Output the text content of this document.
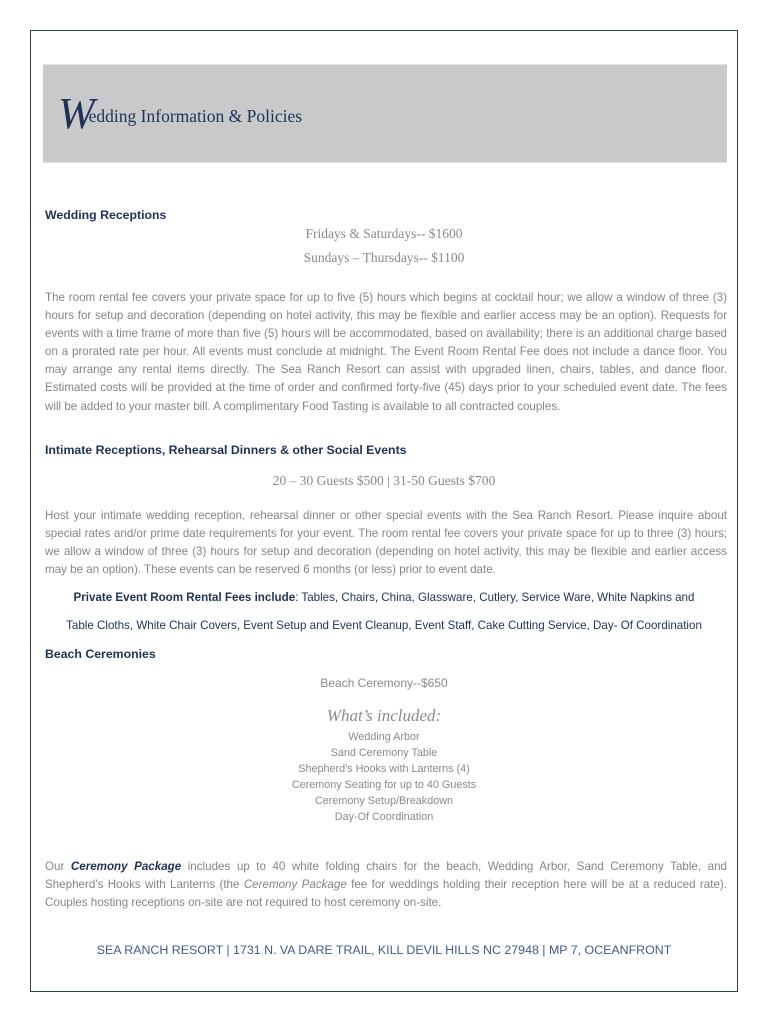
Wedding Information & Policies
Wedding Receptions
Fridays & Saturdays-- $1600
Sundays – Thursdays-- $1100

The room rental fee covers your private space for up to five (5) hours which begins at cocktail hour; we allow a window of three (3) hours for setup and decoration (depending on hotel activity, this may be flexible and earlier access may be an option). Requests for events with a time frame of more than five (5) hours will be accommodated, based on availability; there is an additional charge based on a prorated rate per hour. All events must conclude at midnight. The Event Room Rental Fee does not include a dance floor. You may arrange any rental items directly. The Sea Ranch Resort can assist with upgraded linen, chairs, tables, and dance floor. Estimated costs will be provided at the time of order and confirmed forty-five (45) days prior to your scheduled event date. The fees will be added to your master bill. A complimentary Food Tasting is available to all contracted couples.

Intimate Receptions, Rehearsal Dinners & other Social Events
20 – 30 Guests $500 | 31-50 Guests $700

Host your intimate wedding reception, rehearsal dinner or other special events with the Sea Ranch Resort. Please inquire about special rates and/or prime date requirements for your event. The room rental fee covers your private space for up to three (3) hours; we allow a window of three (3) hours for setup and decoration (depending on hotel activity, this may be flexible and earlier access may be an option). These events can be reserved 6 months (or less) prior to event date.

Private Event Room Rental Fees include: Tables, Chairs, China, Glassware, Cutlery, Service Ware, White Napkins and
Table Cloths, White Chair Covers, Event Setup and Event Cleanup, Event Staff, Cake Cutting Service, Day- Of Coordination
Beach Ceremonies
Beach Ceremony--$650
What’s included:
Wedding Arbor
Sand Ceremony Table
Shepherd’s Hooks with Lanterns (4)
Ceremony Seating for up to 40 Guests
Ceremony Setup/Breakdown
Day-Of Coordination

Our Ceremony Package includes up to 40 white folding chairs for the beach, Wedding Arbor, Sand Ceremony Table, and Shepherd’s Hooks with Lanterns (the Ceremony Package fee for weddings holding their reception here will be at a reduced rate). Couples hosting receptions on-site are not required to host ceremony on-site.

SEA RANCH RESORT | 1731 N. VA DARE TRAIL, KILL DEVIL HILLS NC 27948 | MP 7, OCEANFRONT
